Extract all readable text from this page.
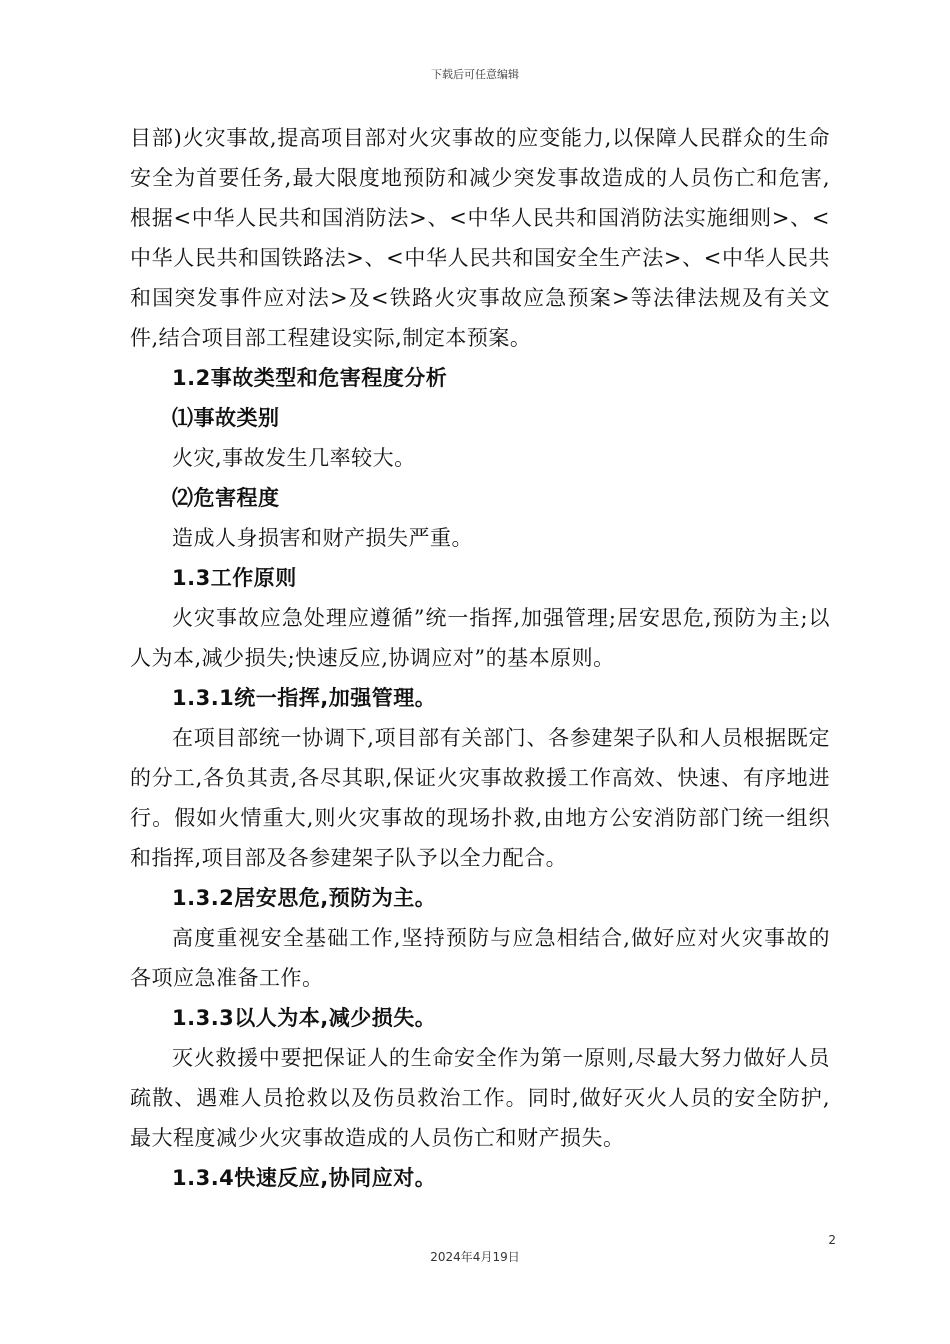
下载后可任意编辑

目部)火灾事故,提高项目部对火灾事故的应变能力,以保障人民群众的生命安全为首要任务,最大限度地预防和减少突发事故造成的人员伤亡和危害,根据<中华人民共和国消防法>、<中华人民共和国消防法实施细则>、<中华人民共和国铁路法>、<中华人民共和国安全生产法>、<中华人民共和国突发事件应对法>及<铁路火灾事故应急预案>等法律法规及有关文件,结合项目部工程建设实际,制定本预案。

1.2事故类型和危害程度分析

⑴事故类别

火灾,事故发生几率较大。

⑵危害程度

造成人身损害和财产损失严重。

1.3工作原则

火灾事故应急处理应遵循”统一指挥,加强管理;居安思危,预防为主;以人为本,减少损失;快速反应,协调应对”的基本原则。

1.3.1统一指挥,加强管理。

在项目部统一协调下,项目部有关部门、各参建架子队和人员根据既定的分工,各负其责,各尽其职,保证火灾事故救援工作高效、快速、有序地进行。假如火情重大,则火灾事故的现场扑救,由地方公安消防部门统一组织和指挥,项目部及各参建架子队予以全力配合。

1.3.2居安思危,预防为主。

高度重视安全基础工作,坚持预防与应急相结合,做好应对火灾事故的各项应急准备工作。

1.3.3以人为本,减少损失。

灭火救援中要把保证人的生命安全作为第一原则,尽最大努力做好人员疏散、遇难人员抢救以及伤员救治工作。同时,做好灭火人员的安全防护,最大程度减少火灾事故造成的人员伤亡和财产损失。

1.3.4快速反应,协同应对。

2
2024年4月19日
